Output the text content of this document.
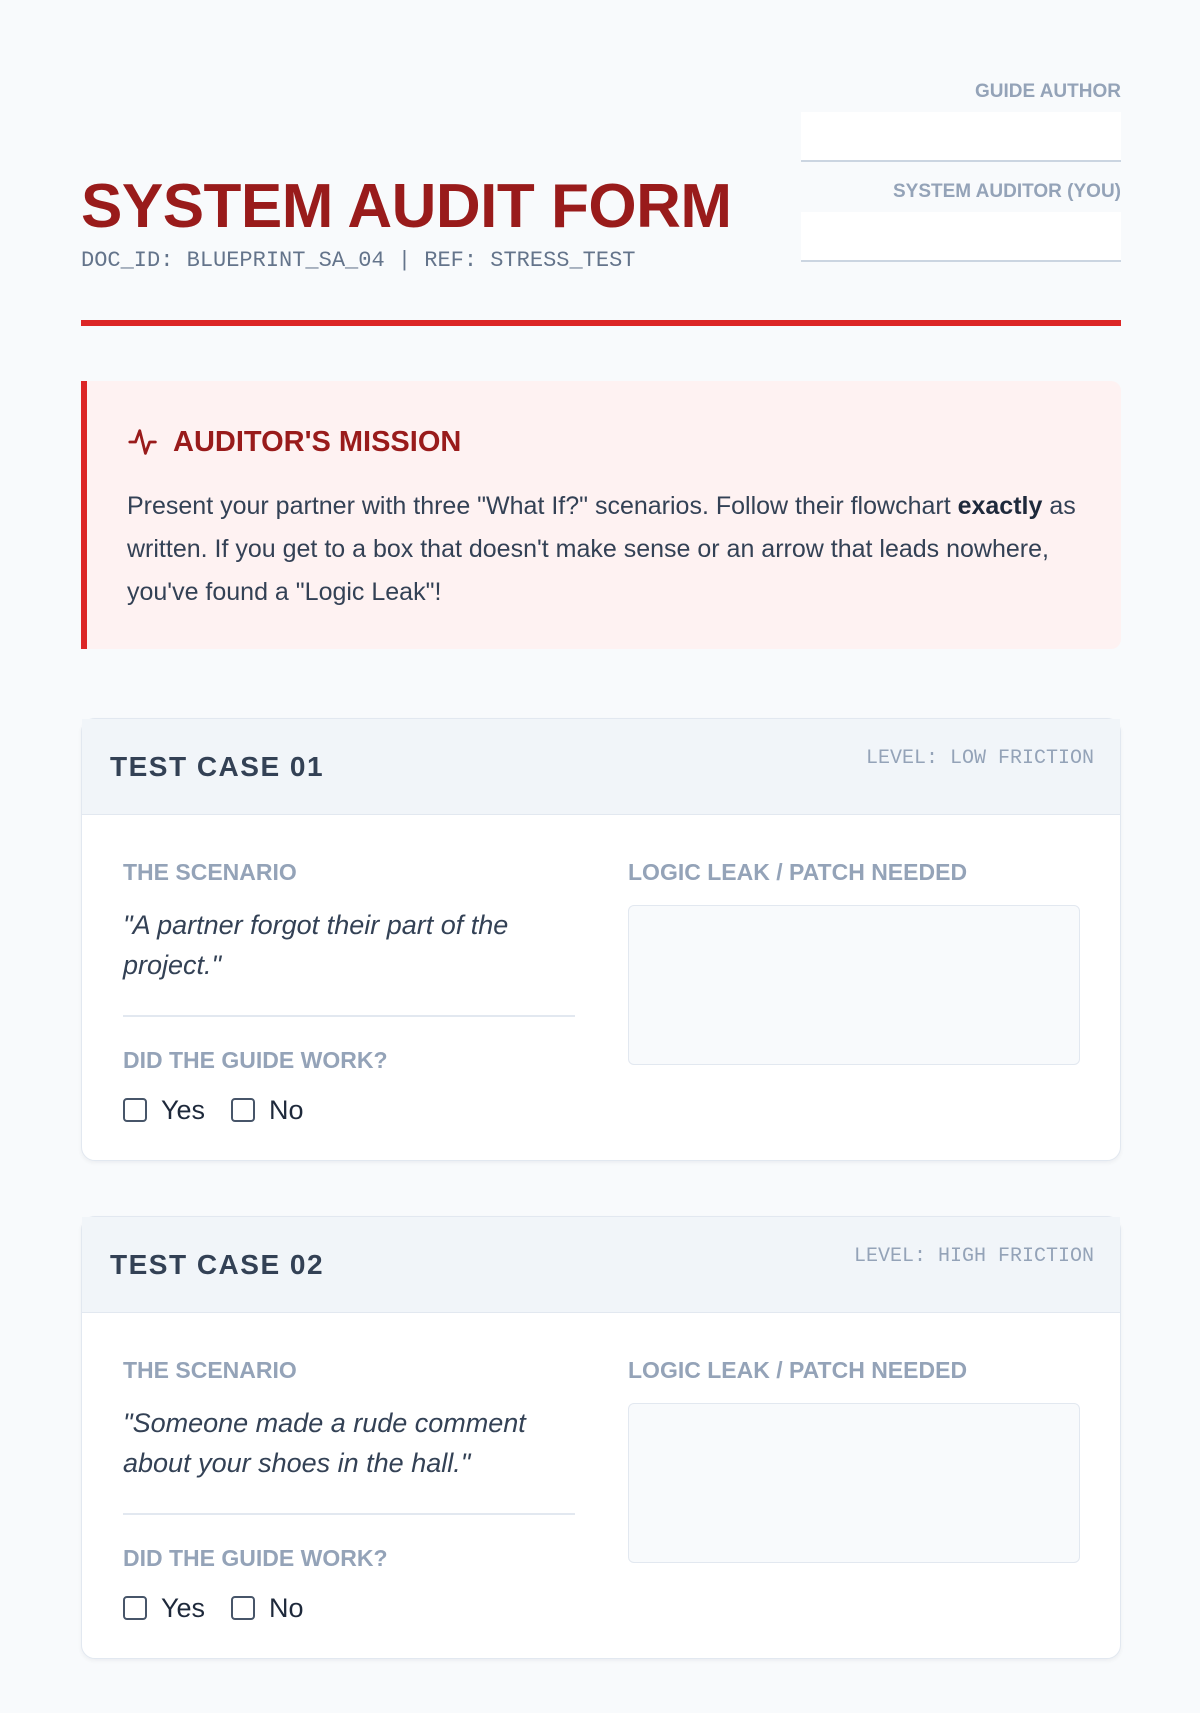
SYSTEM AUDIT FORM
DOC_ID: BLUEPRINT_SA_04 | REF: STRESS_TEST
GUIDE AUTHOR
SYSTEM AUDITOR (YOU)
AUDITOR'S MISSION
Present your partner with three "What If?" scenarios. Follow their flowchart exactly as written. If you get to a box that doesn't make sense or an arrow that leads nowhere, you've found a "Logic Leak"!
TEST CASE 01	LEVEL: LOW FRICTION
THE SCENARIO
"A partner forgot their part of the project."
DID THE GUIDE WORK?
Yes No
LOGIC LEAK / PATCH NEEDED
TEST CASE 02	LEVEL: HIGH FRICTION
THE SCENARIO
"Someone made a rude comment about your shoes in the hall."
DID THE GUIDE WORK?
Yes No
LOGIC LEAK / PATCH NEEDED
